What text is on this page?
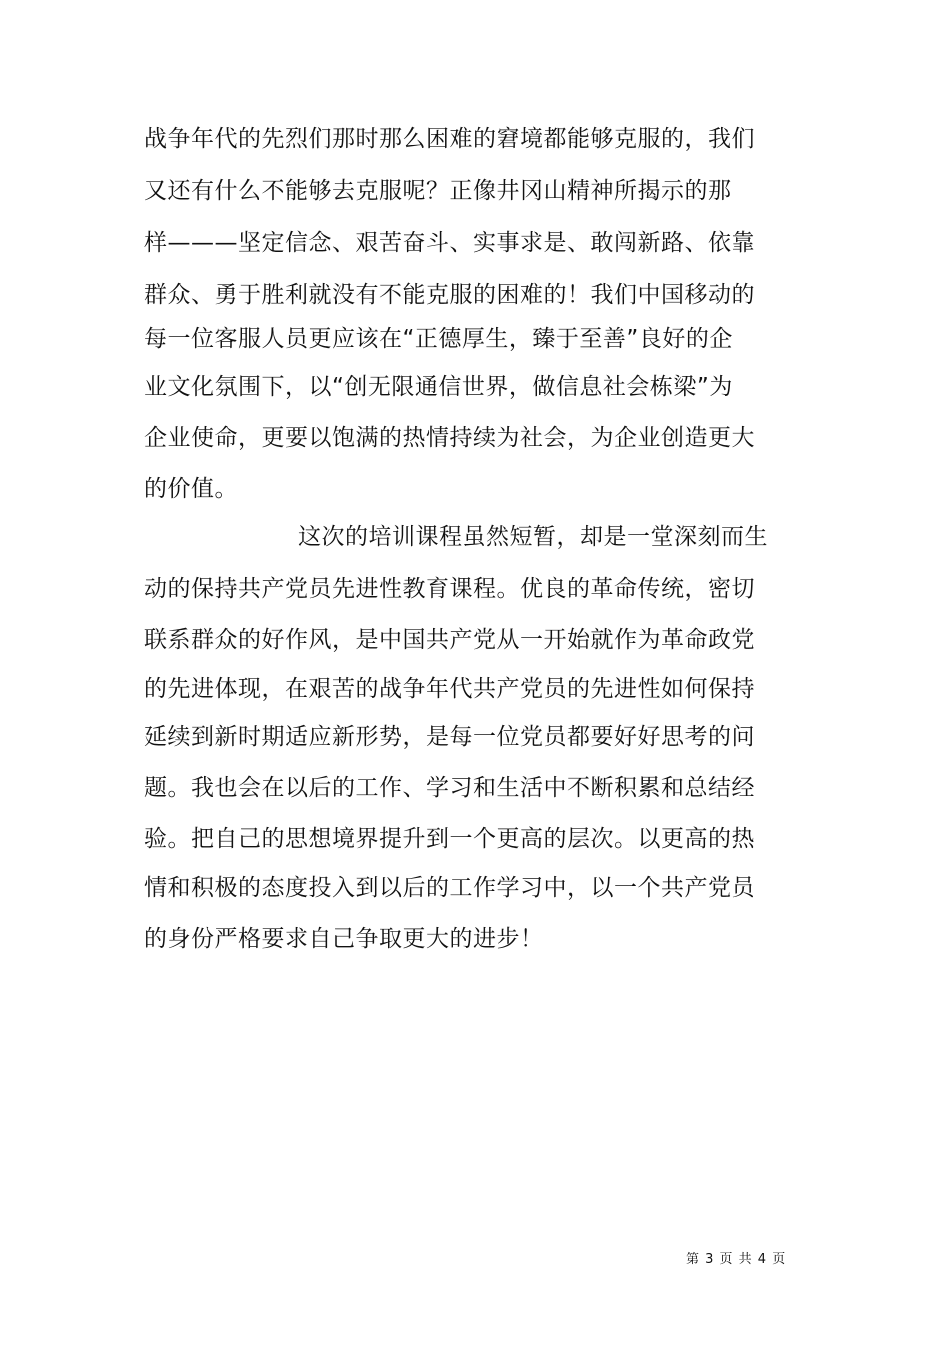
战争年代的先烈们那时那么困难的窘境都能够克服的，我们
又还有什么不能够去克服呢？正像井冈山精神所揭示的那
样———坚定信念、艰苦奋斗、实事求是、敢闯新路、依靠
群众、勇于胜利就没有不能克服的困难的！我们中国移动的
每一位客服人员更应该在“正德厚生，臻于至善”良好的企
业文化氛围下，以“创无限通信世界，做信息社会栋梁”为
企业使命，更要以饱满的热情持续为社会，为企业创造更大
的价值。
这次的培训课程虽然短暂，却是一堂深刻而生
动的保持共产党员先进性教育课程。优良的革命传统，密切
联系群众的好作风，是中国共产党从一开始就作为革命政党
的先进体现，在艰苦的战争年代共产党员的先进性如何保持
延续到新时期适应新形势，是每一位党员都要好好思考的问
题。我也会在以后的工作、学习和生活中不断积累和总结经
验。把自己的思想境界提升到一个更高的层次。以更高的热
情和积极的态度投入到以后的工作学习中，以一个共产党员
的身份严格要求自己争取更大的进步！
第 3 页 共 4 页
